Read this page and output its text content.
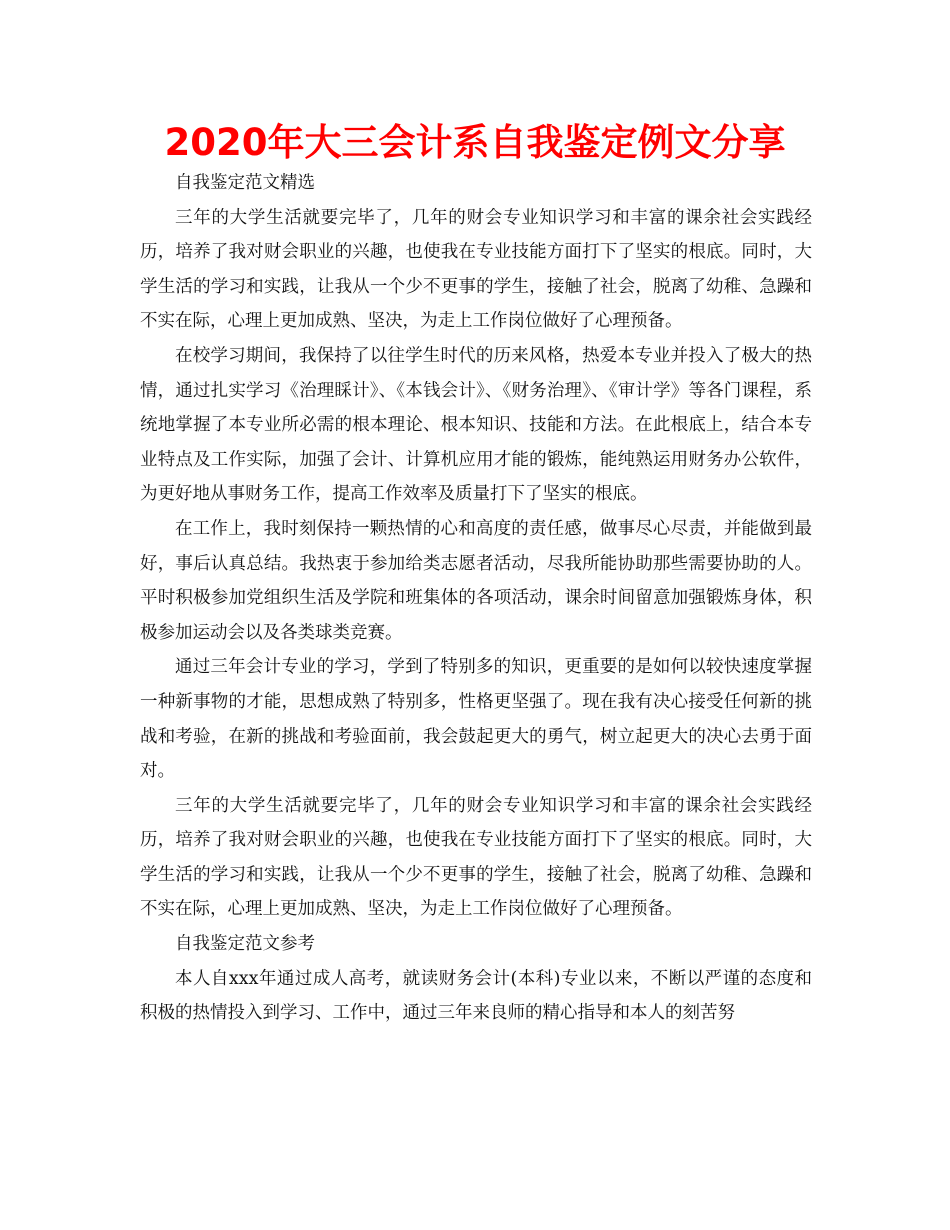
2020年大三会计系自我鉴定例文分享

自我鉴定范文精选

三年的大学生活就要完毕了，几年的财会专业知识学习和丰富的课余社会实践经历，培养了我对财会职业的兴趣，也使我在专业技能方面打下了坚实的根底。同时，大学生活的学习和实践，让我从一个少不更事的学生，接触了社会，脱离了幼稚、急躁和不实在际，心理上更加成熟、坚决，为走上工作岗位做好了心理预备。

在校学习期间，我保持了以往学生时代的历来风格，热爱本专业并投入了极大的热情，通过扎实学习《治理睬计》、《本钱会计》、《财务治理》、《审计学》等各门课程，系统地掌握了本专业所必需的根本理论、根本知识、技能和方法。在此根底上，结合本专业特点及工作实际，加强了会计、计算机应用才能的锻炼，能纯熟运用财务办公软件，为更好地从事财务工作，提高工作效率及质量打下了坚实的根底。

在工作上，我时刻保持一颗热情的心和高度的责任感，做事尽心尽责，并能做到最好，事后认真总结。我热衷于参加给类志愿者活动，尽我所能协助那些需要协助的人。平时积极参加党组织生活及学院和班集体的各项活动，课余时间留意加强锻炼身体，积极参加运动会以及各类球类竞赛。

通过三年会计专业的学习，学到了特别多的知识，更重要的是如何以较快速度掌握一种新事物的才能，思想成熟了特别多，性格更坚强了。现在我有决心接受任何新的挑战和考验，在新的挑战和考验面前，我会鼓起更大的勇气，树立起更大的决心去勇于面对。

三年的大学生活就要完毕了，几年的财会专业知识学习和丰富的课余社会实践经历，培养了我对财会职业的兴趣，也使我在专业技能方面打下了坚实的根底。同时，大学生活的学习和实践，让我从一个少不更事的学生，接触了社会，脱离了幼稚、急躁和不实在际，心理上更加成熟、坚决，为走上工作岗位做好了心理预备。

自我鉴定范文参考

本人自xxx年通过成人高考，就读财务会计(本科)专业以来，不断以严谨的态度和积极的热情投入到学习、工作中，通过三年来良师的精心指导和本人的刻苦努
